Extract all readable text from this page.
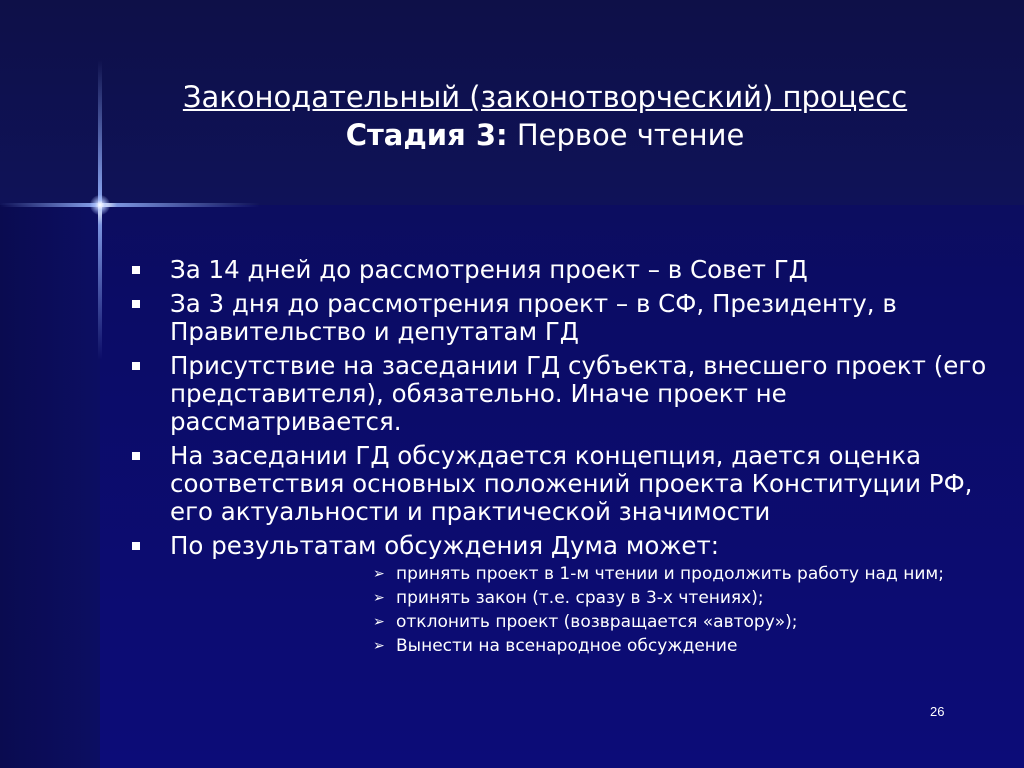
Законодательный (законотворческий) процесс
Стадия 3: Первое чтение
За 14 дней до рассмотрения проект – в Совет ГД
За 3 дня до рассмотрения проект – в СФ, Президенту, в Правительство и депутатам ГД
Присутствие на заседании ГД субъекта, внесшего проект (его представителя), обязательно. Иначе проект не рассматривается.
На заседании ГД обсуждается концепция, дается оценка соответствия основных положений проекта Конституции РФ, его актуальности и практической значимости
По результатам обсуждения Дума может:
➢ принять проект в 1-м чтении и продолжить работу над ним;
➢ принять закон (т.е. сразу в 3-х чтениях);
➢ отклонить проект (возвращается «автору»);
➢ Вынести на всенародное обсуждение
26
